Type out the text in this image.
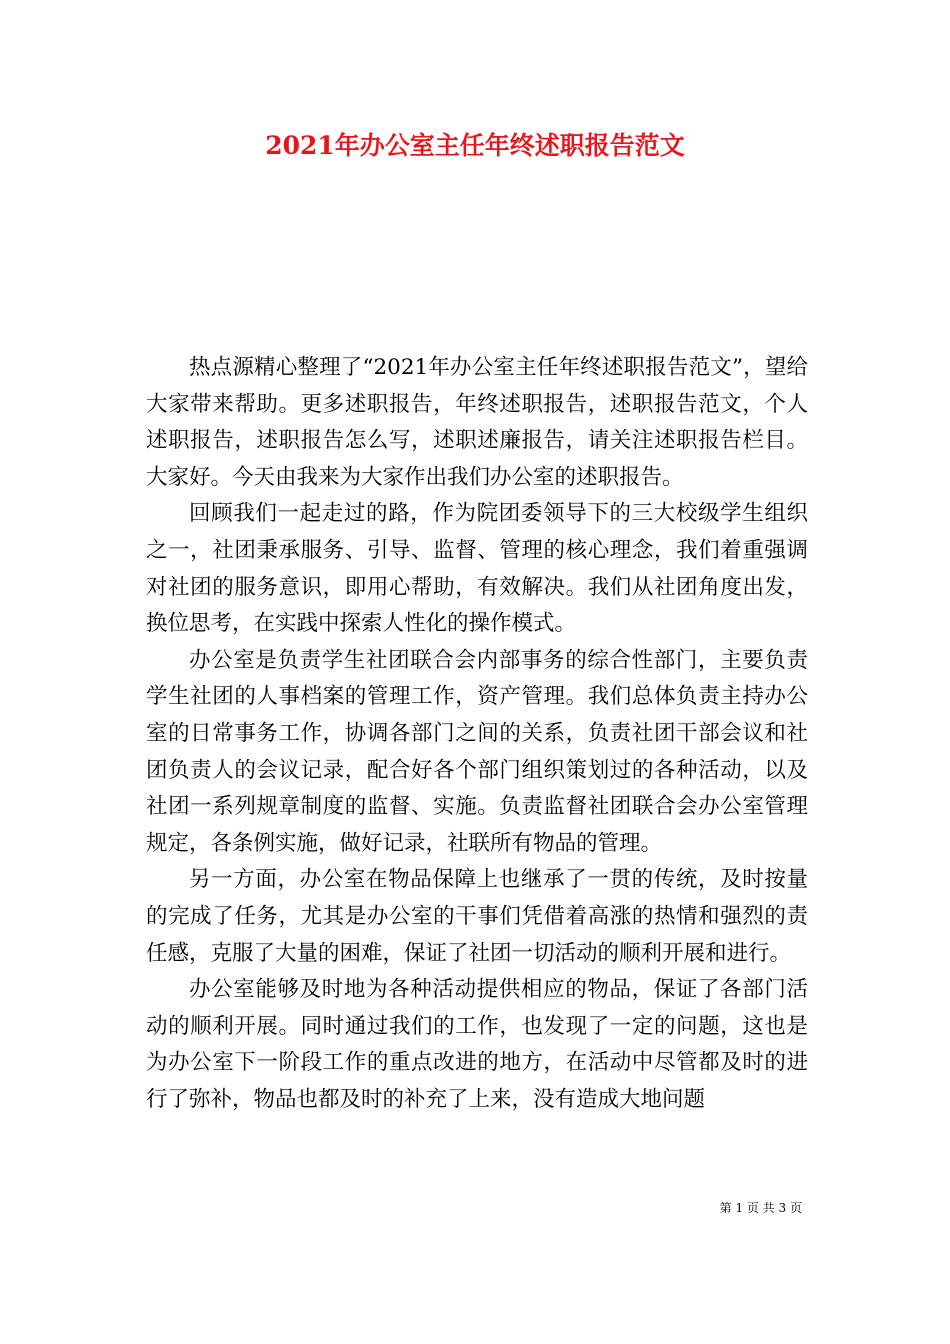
2021年办公室主任年终述职报告范文

热点源精心整理了“2021年办公室主任年终述职报告范文”，望给大家带来帮助。更多述职报告，年终述职报告，述职报告范文，个人述职报告，述职报告怎么写，述职述廉报告，请关注述职报告栏目。大家好。今天由我来为大家作出我们办公室的述职报告。

回顾我们一起走过的路，作为院团委领导下的三大校级学生组织之一，社团秉承服务、引导、监督、管理的核心理念，我们着重强调对社团的服务意识，即用心帮助，有效解决。我们从社团角度出发，换位思考，在实践中探索人性化的操作模式。

办公室是负责学生社团联合会内部事务的综合性部门，主要负责学生社团的人事档案的管理工作，资产管理。我们总体负责主持办公室的日常事务工作，协调各部门之间的关系，负责社团干部会议和社团负责人的会议记录，配合好各个部门组织策划过的各种活动，以及社团一系列规章制度的监督、实施。负责监督社团联合会办公室管理规定，各条例实施，做好记录，社联所有物品的管理。

另一方面，办公室在物品保障上也继承了一贯的传统，及时按量的完成了任务，尤其是办公室的干事们凭借着高涨的热情和强烈的责任感，克服了大量的困难，保证了社团一切活动的顺利开展和进行。

办公室能够及时地为各种活动提供相应的物品，保证了各部门活动的顺利开展。同时通过我们的工作，也发现了一定的问题，这也是为办公室下一阶段工作的重点改进的地方，在活动中尽管都及时的进行了弥补，物品也都及时的补充了上来，没有造成大地问题

第 1 页 共 3 页
